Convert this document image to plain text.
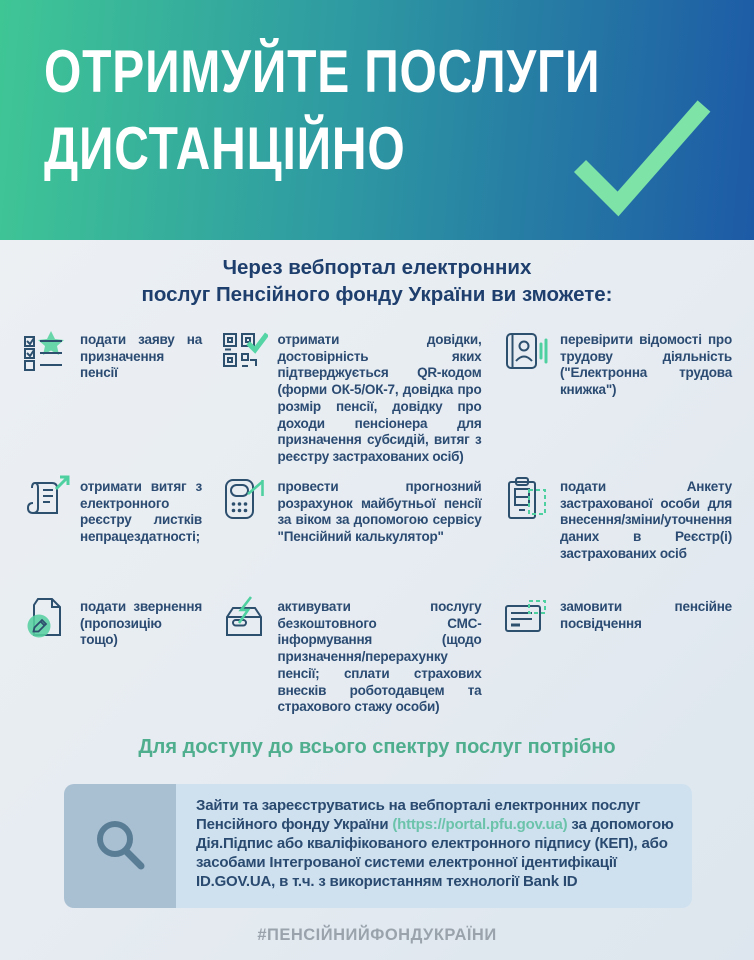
ОТРИМУЙТЕ ПОСЛУГИ
ДИСТАНЦІЙНО

Через вебпортал електронних
послуг Пенсійного фонду України ви зможете:

подати заяву на призначення пенсії

отримати довідки, достовірність яких підтверджується QR-кодом (форми ОК-5/ОК-7, довідка про розмір пенсії, довідку про доходи пенсіонера для призначення субсидій, витяг з реєстру застрахованих осіб)

перевірити відомості про трудову діяльність ("Електронна трудова книжка")

отримати витяг з електронного реєстру листків непрацездатності;

провести прогнозний розрахунок майбутньої пенсії за віком за допомогою сервісу "Пенсійний калькулятор"

подати Анкету застрахованої особи для внесення/зміни/уточнення даних в Реєстр(і) застрахованих осіб

подати звернення (пропозицію тощо)

активувати послугу безкоштовного СМС-інформування (щодо призначення/перерахунку пенсії; сплати страхових внесків роботодавцем та страхового стажу особи)

замовити пенсійне посвідчення

Для доступу до всього спектру послуг потрібно

Зайти та зареєструватись на вебпорталі електронних послуг Пенсійного фонду України (https://portal.pfu.gov.ua) за допомогою Дія.Підпис або кваліфікованого електронного підпису (КЕП), або засобами Інтегрованої системи електронної ідентифікації ID.GOV.UA, в т.ч. з використанням технології Bank ID

#ПЕНСІЙНИЙФОНДУКРАЇНИ
